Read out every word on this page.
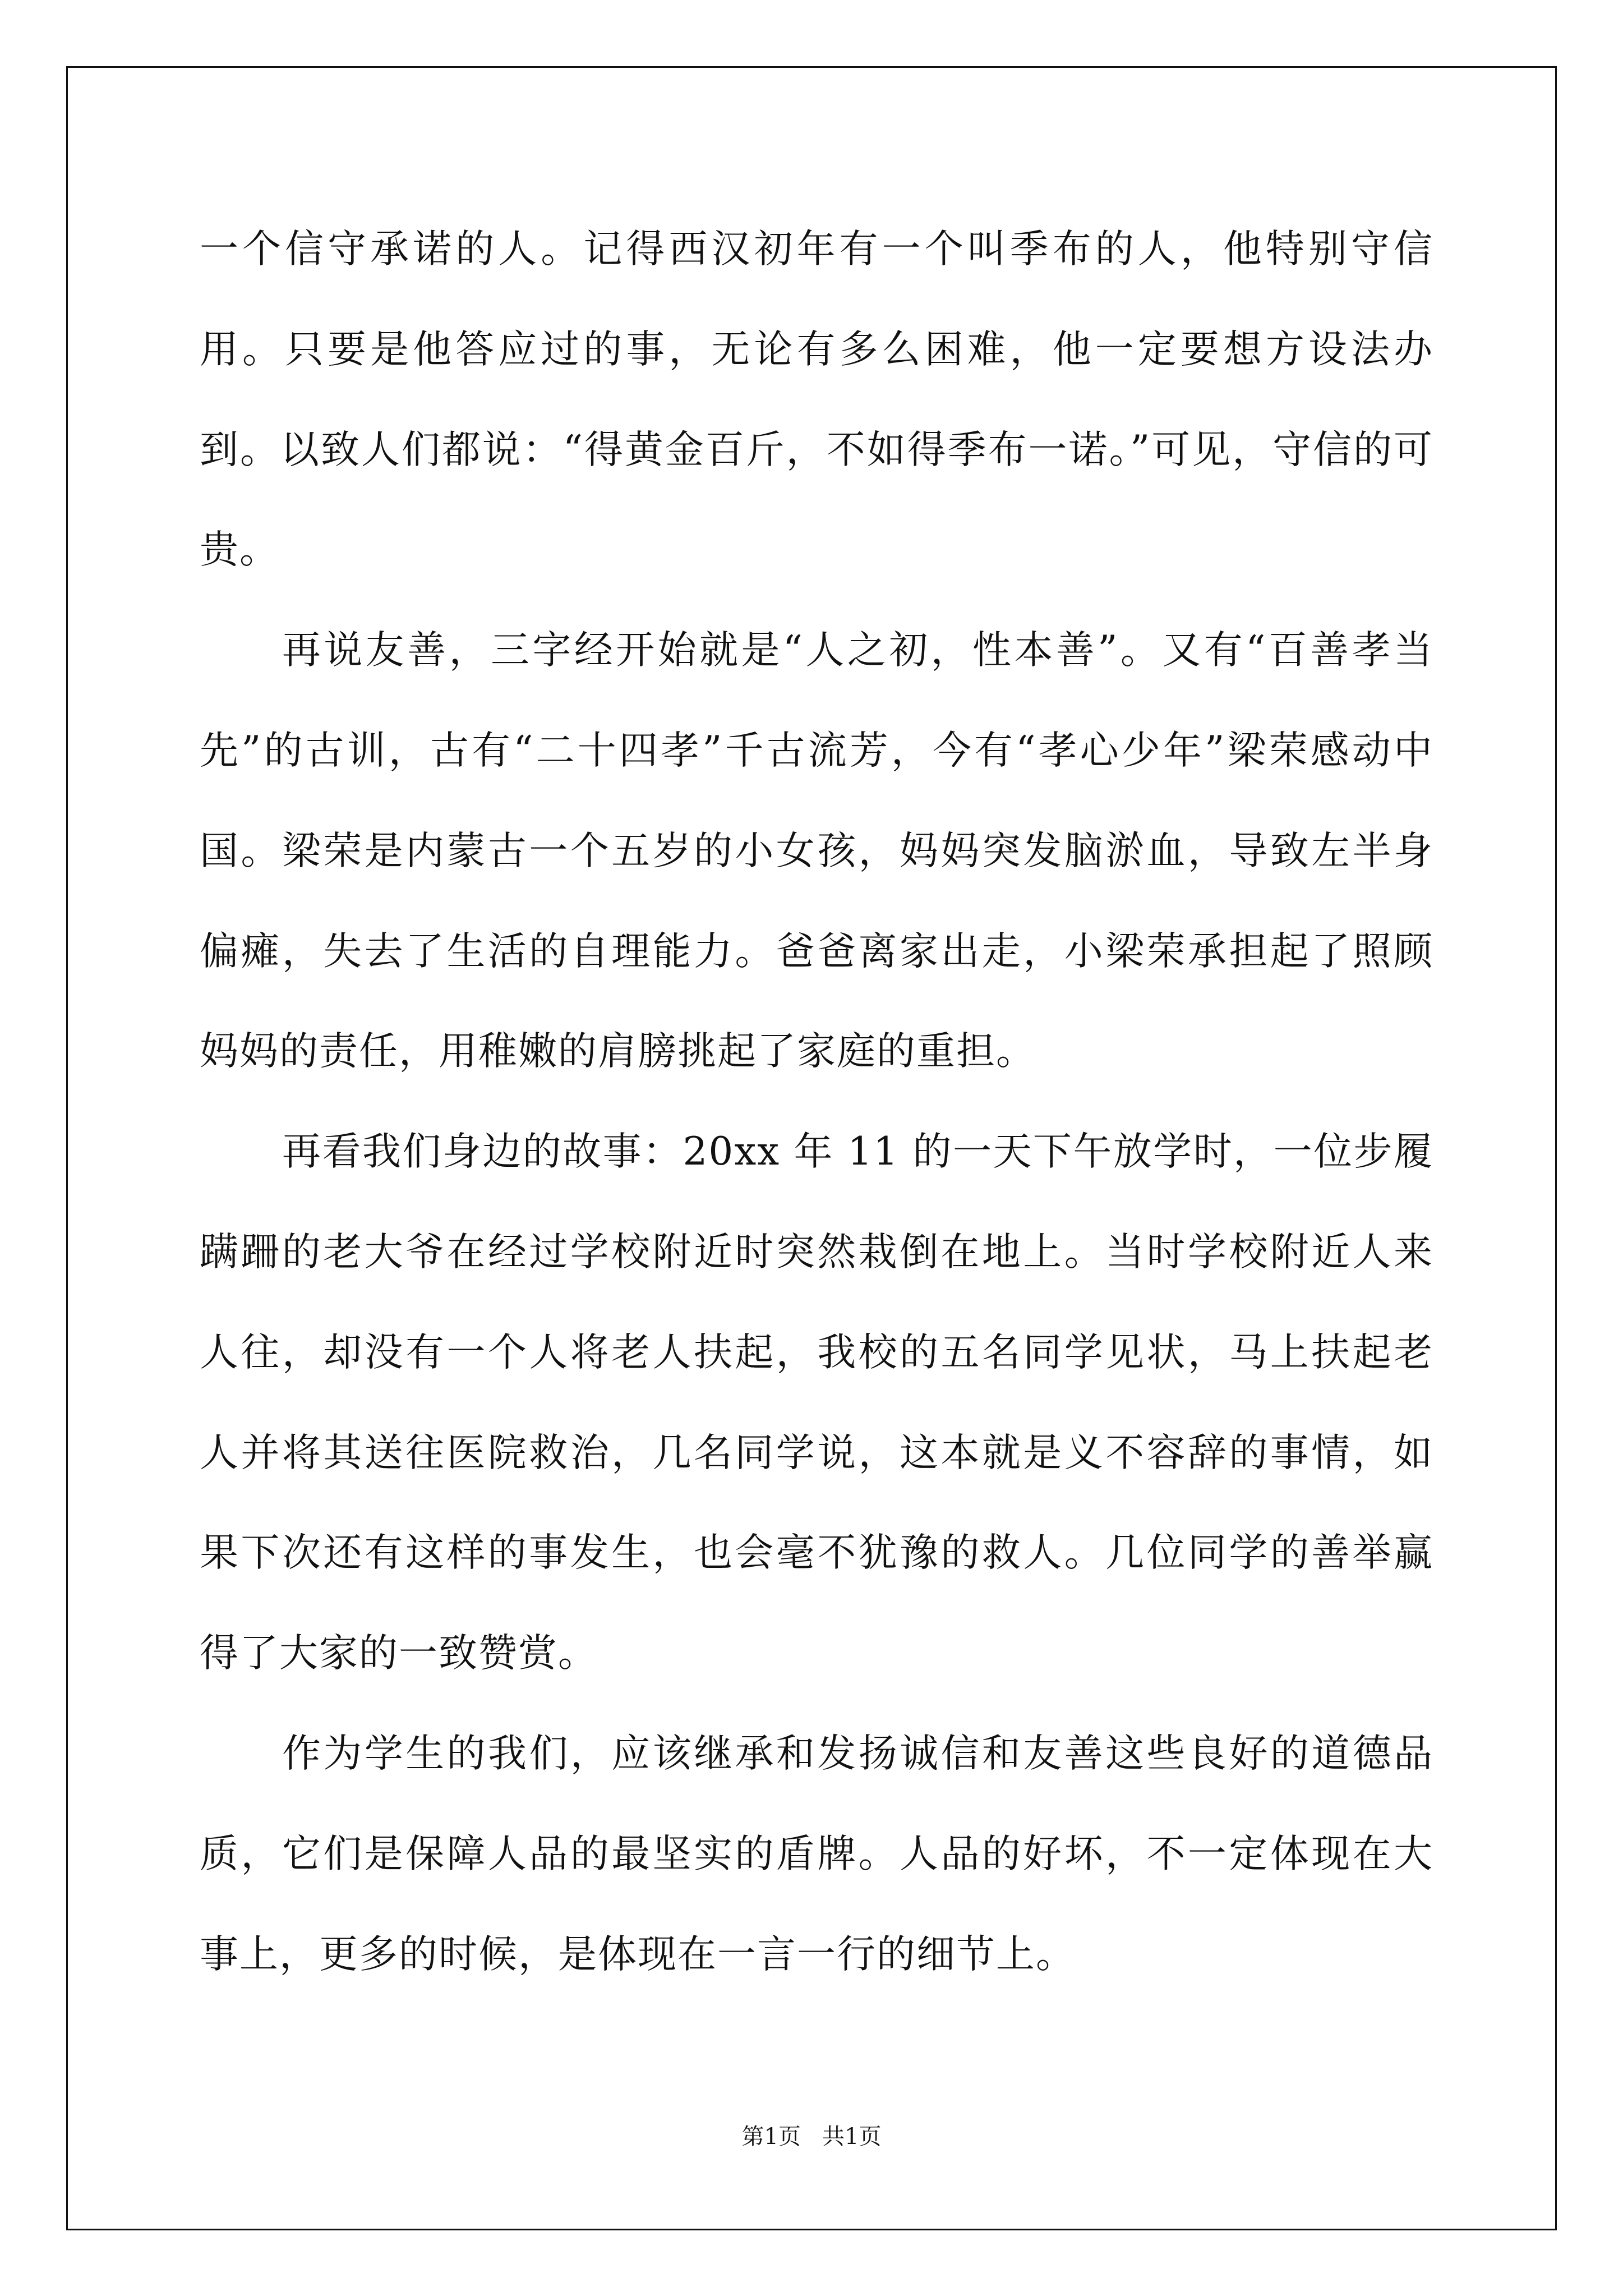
一个信守承诺的人。记得西汉初年有一个叫季布的人，他特别守信用。只要是他答应过的事，无论有多么困难，他一定要想方设法办到。以致人们都说：“得黄金百斤，不如得季布一诺。”可见，守信的可贵。

再说友善，三字经开始就是“人之初，性本善”。又有“百善孝当先”的古训，古有“二十四孝”千古流芳，今有“孝心少年”梁荣感动中国。梁荣是内蒙古一个五岁的小女孩，妈妈突发脑淤血，导致左半身偏瘫，失去了生活的自理能力。爸爸离家出走，小梁荣承担起了照顾妈妈的责任，用稚嫩的肩膀挑起了家庭的重担。

再看我们身边的故事：20xx 年 11 的一天下午放学时，一位步履蹒跚的老大爷在经过学校附近时突然栽倒在地上。当时学校附近人来人往，却没有一个人将老人扶起，我校的五名同学见状，马上扶起老人并将其送往医院救治，几名同学说，这本就是义不容辞的事情，如果下次还有这样的事发生，也会毫不犹豫的救人。几位同学的善举赢得了大家的一致赞赏。

作为学生的我们，应该继承和发扬诚信和友善这些良好的道德品质，它们是保障人品的最坚实的盾牌。人品的好坏，不一定体现在大事上，更多的时候，是体现在一言一行的细节上。

第1页   共1页
